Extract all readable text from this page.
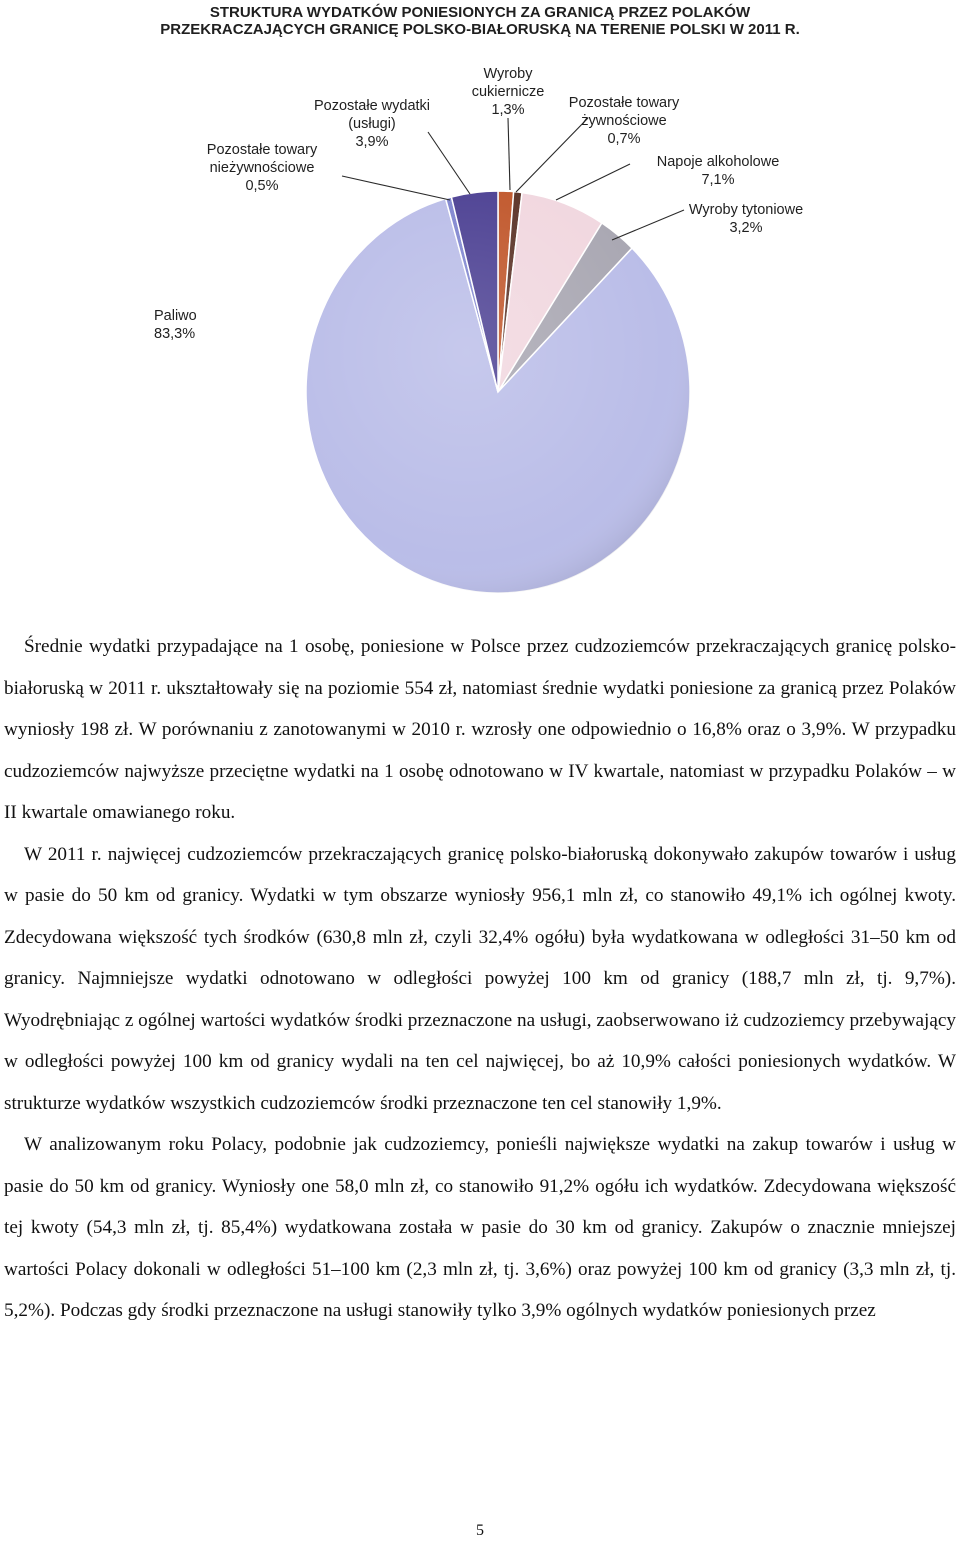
STRUKTURA WYDATKÓW PONIESIONYCH ZA GRANICĄ PRZEZ POLAKÓW
PRZEKRACZAJĄCYCH GRANICĘ POLSKO-BIAŁORUSKĄ NA TERENIE POLSKI W 2011 R.
Wyroby
cukiernicze
1,3%	Pozostałe towary
żywnościowe
0,7%
Napoje alkoholowe
7,1%
Wyroby tytoniowe
3,2%
Paliwo
83,3%
Pozostałe towary
nieżywnościowe
0,5%
Pozostałe wydatki
(usługi)
3,9%

Średnie wydatki przypadające na 1 osobę, poniesione w Polsce przez cudzoziemców przekraczających granicę polsko-białoruską w 2011 r. ukształtowały się na poziomie 554 zł, natomiast średnie wydatki poniesione za granicą przez Polaków wyniosły 198 zł. W porównaniu z zanotowanymi w 2010 r. wzrosły one odpowiednio o 16,8% oraz o 3,9%. W przypadku cudzoziemców najwyższe przeciętne wydatki na 1 osobę odnotowano w IV kwartale, natomiast w przypadku Polaków – w II kwartale omawianego roku.

W 2011 r. najwięcej cudzoziemców przekraczających granicę polsko-białoruską dokonywało zakupów towarów i usług w pasie do 50 km od granicy. Wydatki w tym obszarze wyniosły 956,1 mln zł, co stanowiło 49,1% ich ogólnej kwoty. Zdecydowana większość tych środków (630,8 mln zł, czyli 32,4% ogółu) była wydatkowana w odległości 31–50 km od granicy. Najmniejsze wydatki odnotowano w odległości powyżej 100 km od granicy (188,7 mln zł, tj. 9,7%). Wyodrębniając z ogólnej wartości wydatków środki przeznaczone na usługi, zaobserwowano iż cudzoziemcy przebywający w odległości powyżej 100 km od granicy wydali na ten cel najwięcej, bo aż 10,9% całości poniesionych wydatków. W strukturze wydatków wszystkich cudzoziemców środki przeznaczone ten cel stanowiły 1,9%.

W analizowanym roku Polacy, podobnie jak cudzoziemcy, ponieśli największe wydatki na zakup towarów i usług w pasie do 50 km od granicy. Wyniosły one 58,0 mln zł, co stanowiło 91,2% ogółu ich wydatków. Zdecydowana większość tej kwoty (54,3 mln zł, tj. 85,4%) wydatkowana została w pasie do 30 km od granicy. Zakupów o znacznie mniejszej wartości Polacy dokonali w odległości 51–100 km (2,3 mln zł, tj. 3,6%) oraz powyżej 100 km od granicy (3,3 mln zł, tj. 5,2%). Podczas gdy środki przeznaczone na usługi stanowiły tylko 3,9% ogólnych wydatków poniesionych przez

5
